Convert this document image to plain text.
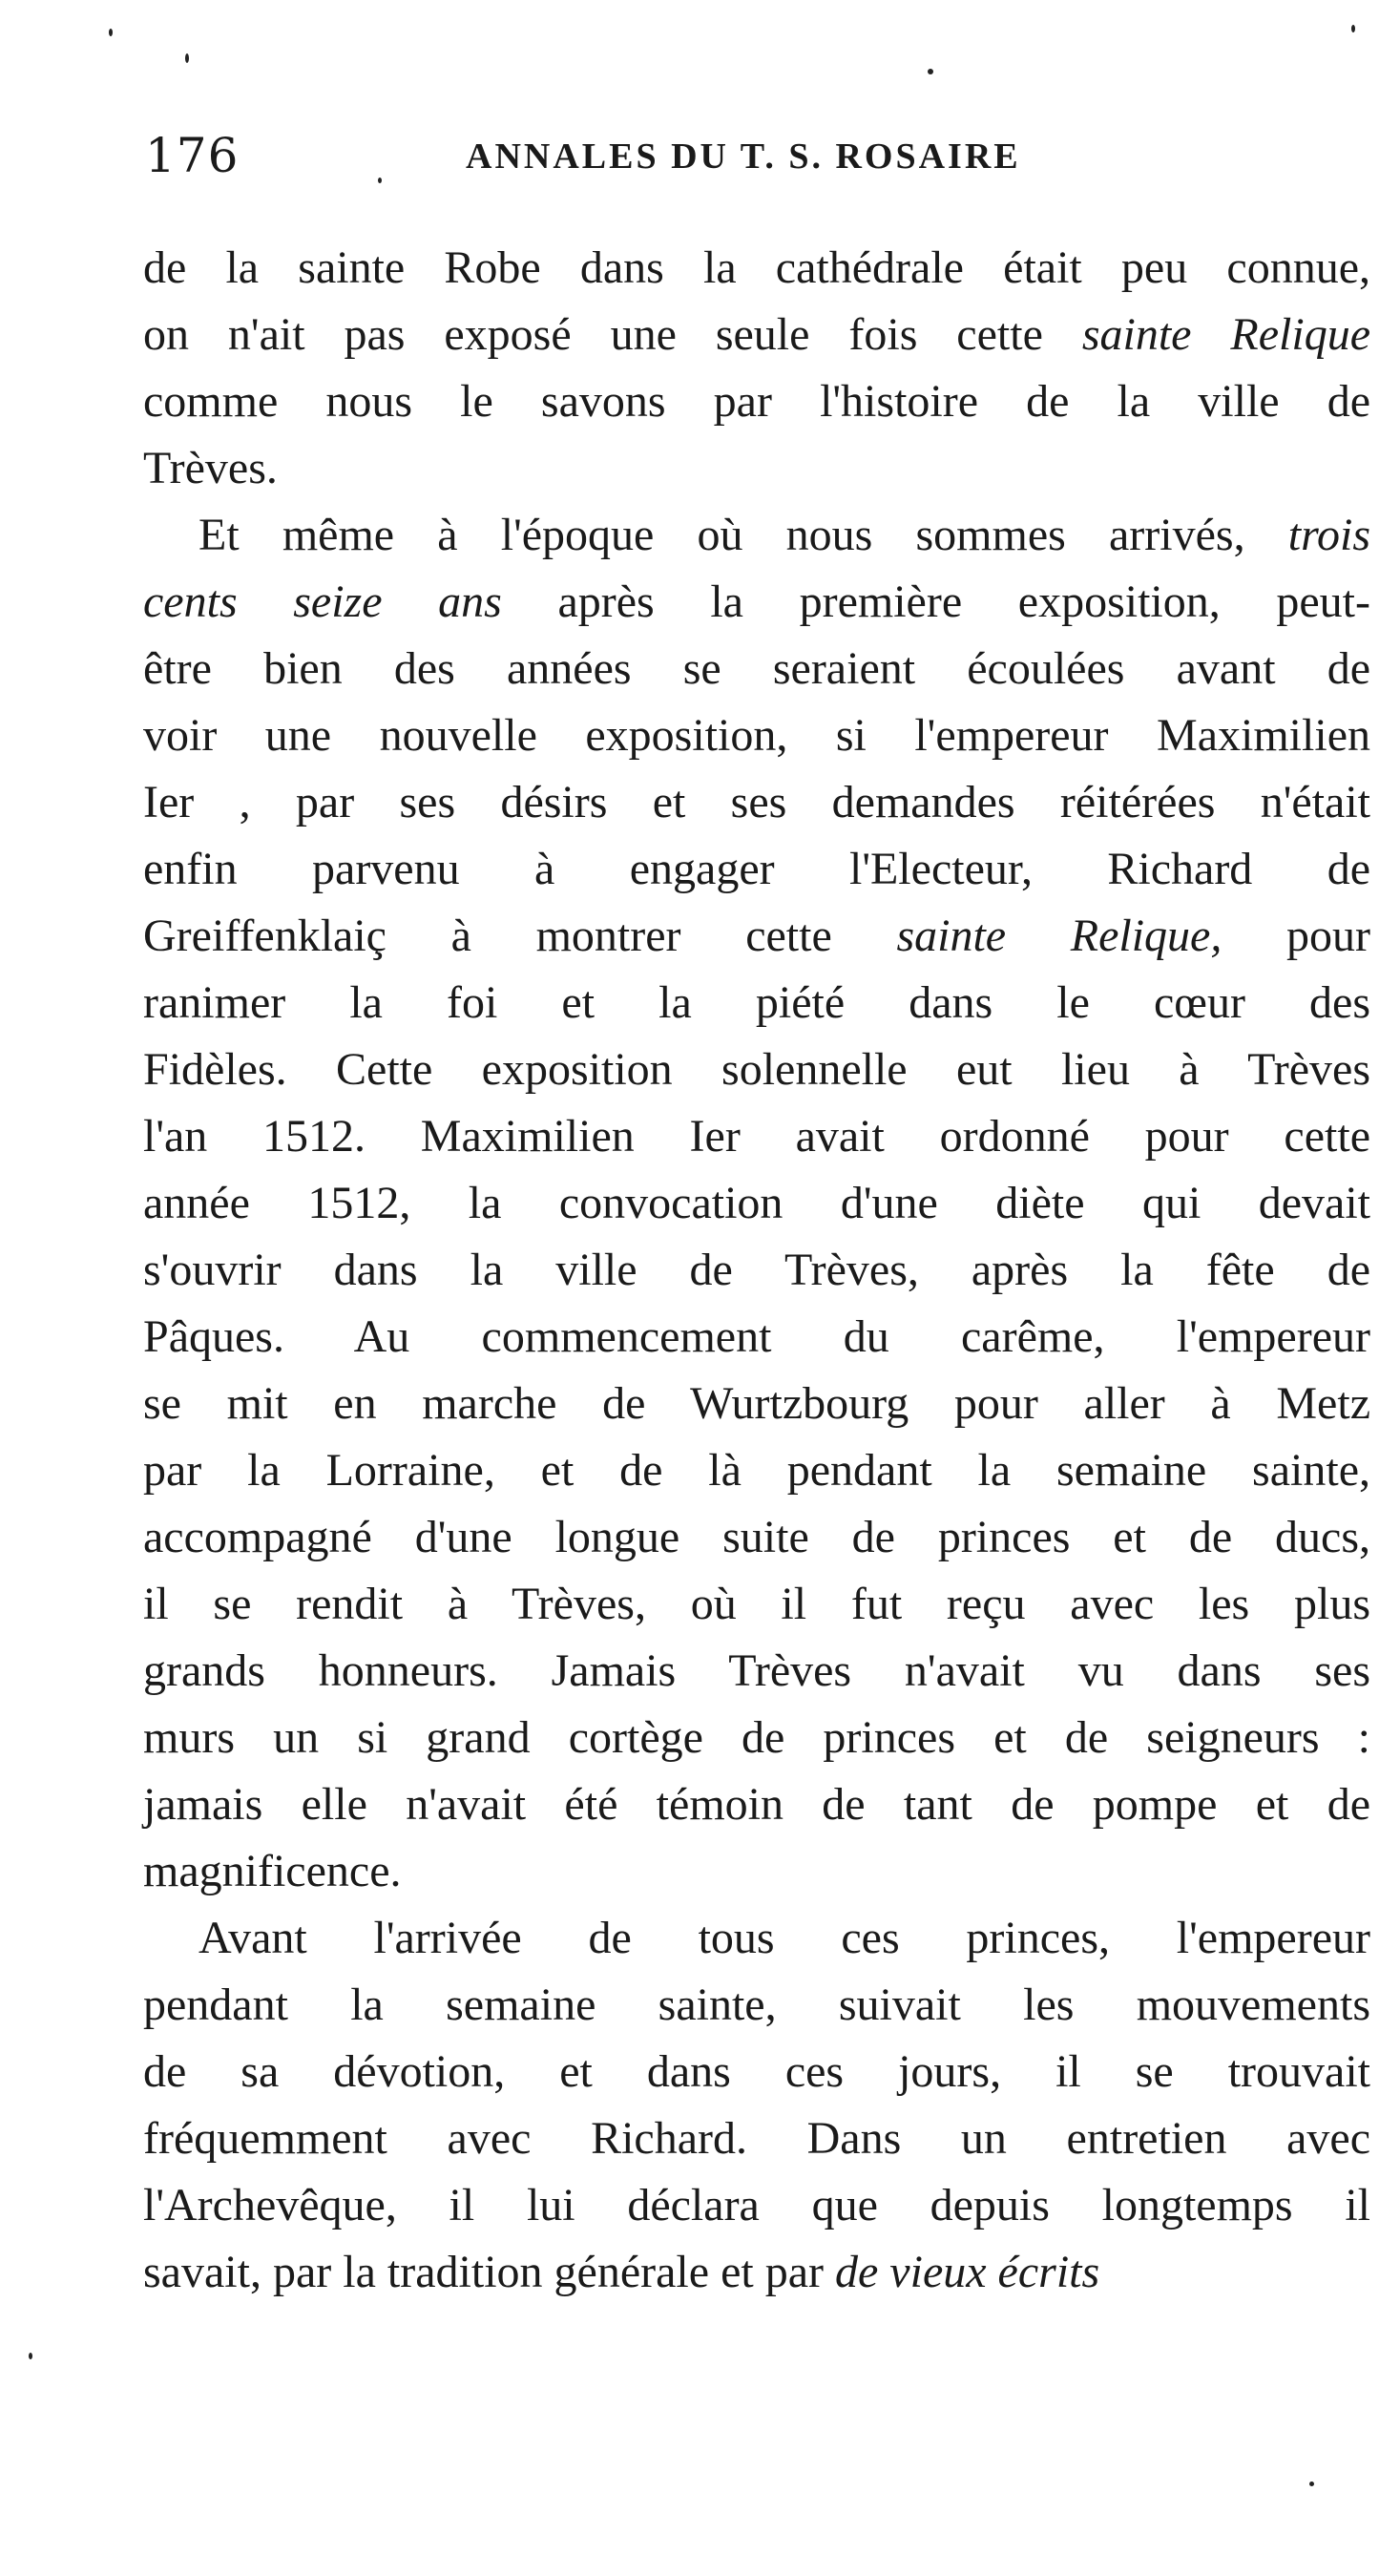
176	ANNALES DU T. S. ROSAIRE
de la sainte Robe dans la cathédrale était peu connue,
on n'ait pas exposé une seule fois cette sainte Relique
comme nous le savons par l'histoire de la ville de
Trèves.
Et même à l'époque où nous sommes arrivés, trois
cents seize ans après la première exposition, peut-
être bien des années se seraient écoulées avant de
voir une nouvelle exposition, si l'empereur Maximilien
Ier , par ses désirs et ses demandes réitérées n'était
enfin parvenu à engager l'Electeur, Richard de
Greiffenklaiç à montrer cette sainte Relique, pour
ranimer la foi et la piété dans le cœur des
Fidèles. Cette exposition solennelle eut lieu à Trèves
l'an 1512. Maximilien Ier avait ordonné pour cette
année 1512, la convocation d'une diète qui devait
s'ouvrir dans la ville de Trèves, après la fête de
Pâques. Au commencement du carême, l'empereur
se mit en marche de Wurtzbourg pour aller à Metz
par la Lorraine, et de là pendant la semaine sainte,
accompagné d'une longue suite de princes et de ducs,
il se rendit à Trèves, où il fut reçu avec les plus
grands honneurs. Jamais Trèves n'avait vu dans ses
murs un si grand cortège de princes et de seigneurs :
jamais elle n'avait été témoin de tant de pompe et de
magnificence.
Avant l'arrivée de tous ces princes, l'empereur
pendant la semaine sainte, suivait les mouvements
de sa dévotion, et dans ces jours, il se trouvait
fréquemment avec Richard. Dans un entretien avec
l'Archevêque, il lui déclara que depuis longtemps il
savait, par la tradition générale et par de vieux écrits
